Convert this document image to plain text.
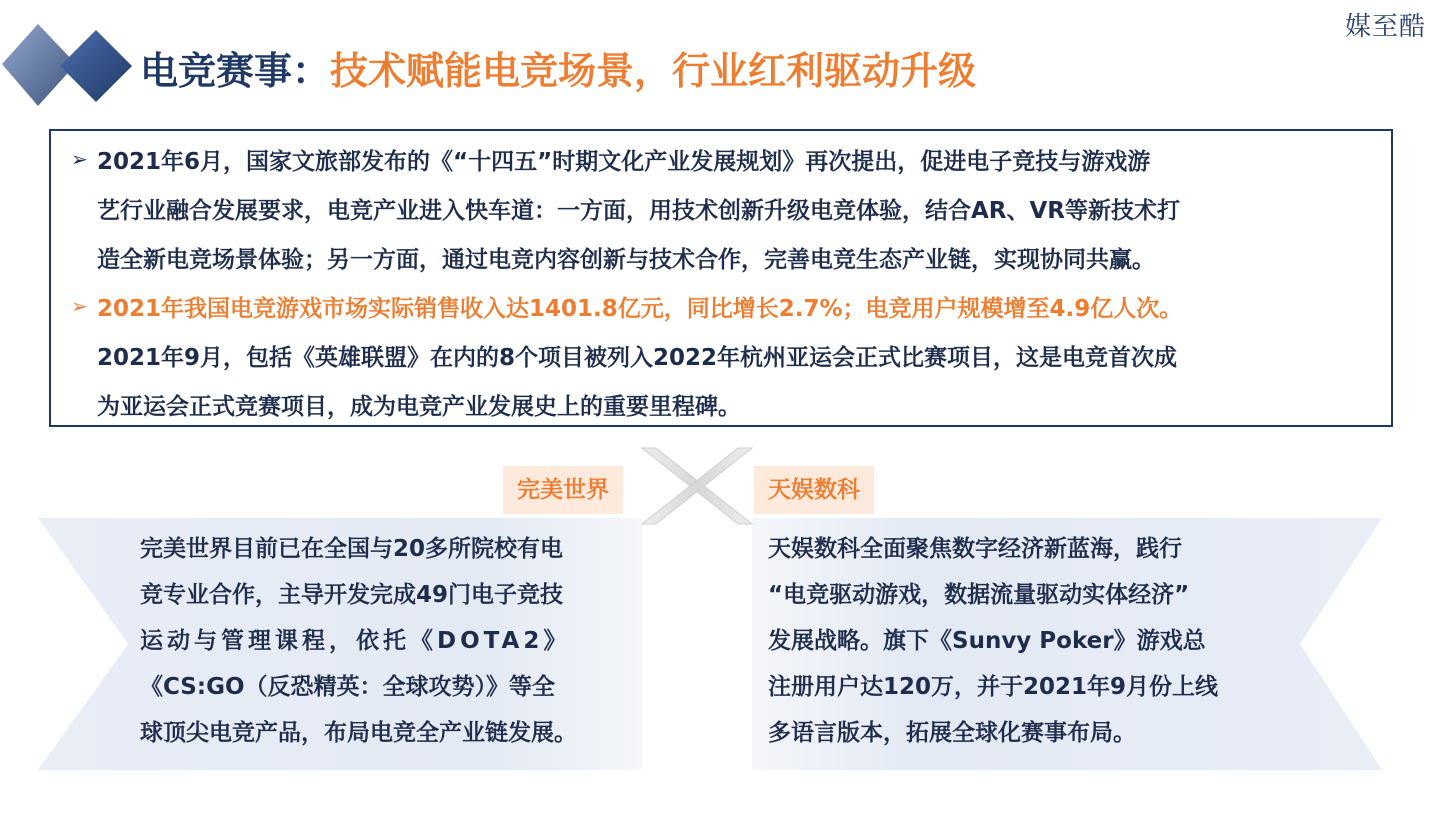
媒至酷
电竞赛事：技术赋能电竞场景，行业红利驱动升级
➢ 2021年6月，国家文旅部发布的《“十四五”时期文化产业发展规划》再次提出，促进电子竞技与游戏游
艺行业融合发展要求，电竞产业进入快车道：一方面，用技术创新升级电竞体验，结合AR、VR等新技术打
造全新电竞场景体验；另一方面，通过电竞内容创新与技术合作，完善电竞生态产业链，实现协同共赢。
➢ 2021年我国电竞游戏市场实际销售收入达1401.8亿元，同比增长2.7%；电竞用户规模增至4.9亿人次。
2021年9月，包括《英雄联盟》在内的8个项目被列入2022年杭州亚运会正式比赛项目，这是电竞首次成
为亚运会正式竞赛项目，成为电竞产业发展史上的重要里程碑。
完美世界	天娱数科
完美世界目前已在全国与20多所院校有电
竞专业合作，主导开发完成49门电子竞技
运动与管理课程，依托《DOTA2》
《CS:GO（反恐精英：全球攻势）》等全
球顶尖电竞产品，布局电竞全产业链发展。
天娱数科全面聚焦数字经济新蓝海，践行
“电竞驱动游戏，数据流量驱动实体经济”
发展战略。旗下《Sunvy Poker》游戏总
注册用户达120万，并于2021年9月份上线
多语言版本，拓展全球化赛事布局。
